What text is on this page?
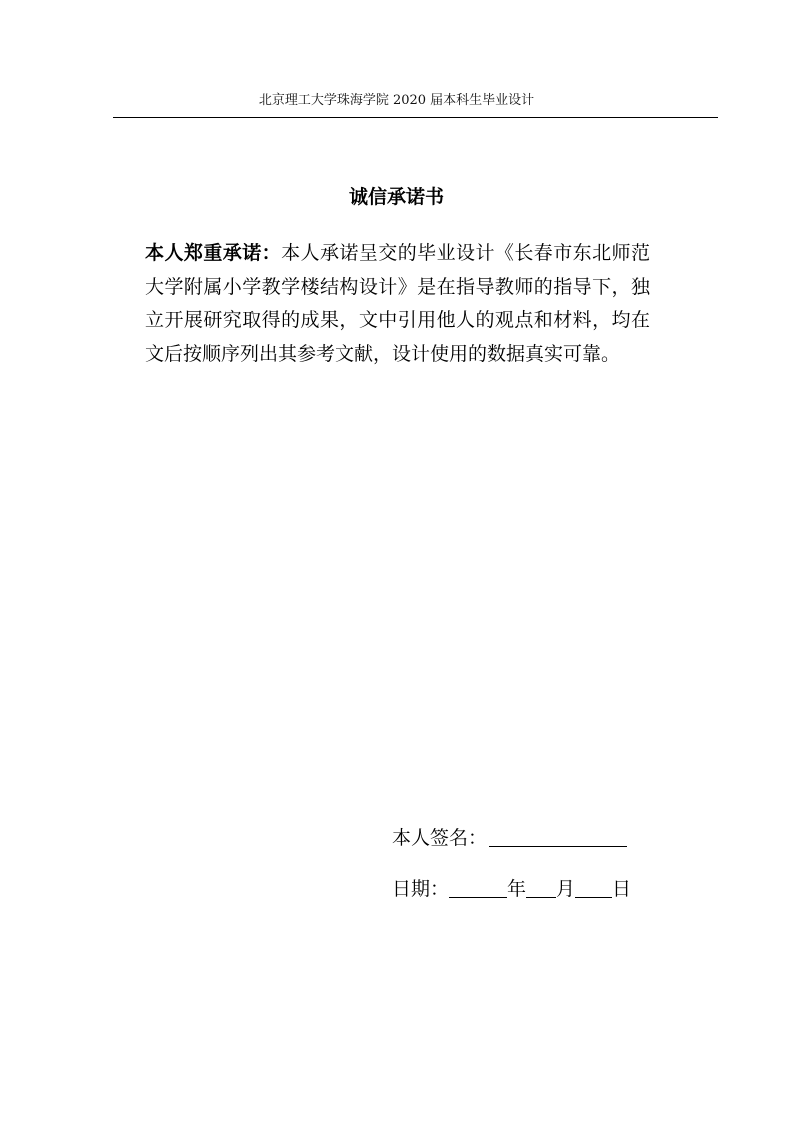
北京理工大学珠海学院 2020 届本科生毕业设计
诚信承诺书
本人郑重承诺：本人承诺呈交的毕业设计《长春市东北师范大学附属小学教学楼结构设计》是在指导教师的指导下，独立开展研究取得的成果，文中引用他人的观点和材料，均在文后按顺序列出其参考文献，设计使用的数据真实可靠。
本人签名：
日期：	年 月 日
